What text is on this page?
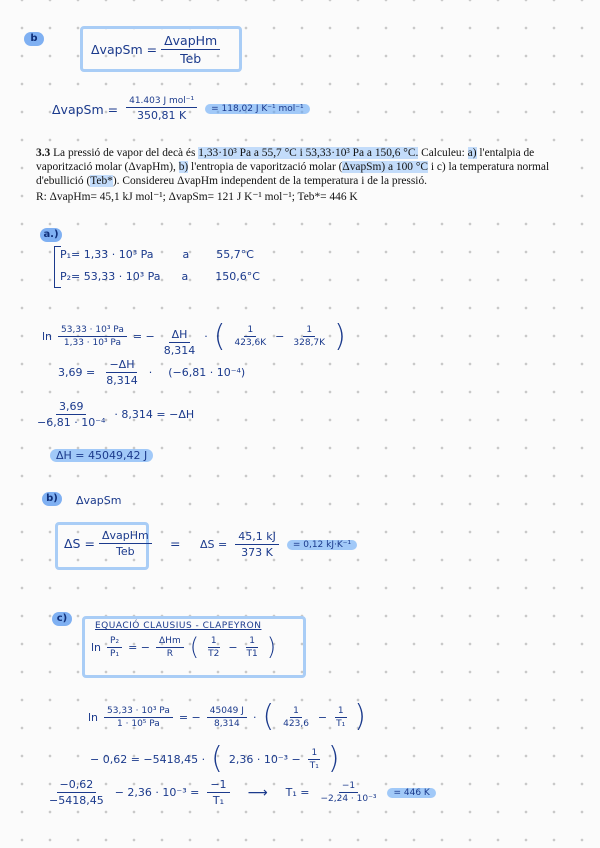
b
ΔvapSm = $\frac{\text{ΔvapHm}}{\text{Teb}}$
ΔvapSm = $\frac{\text{41.403 J mol⁻¹}}{350,81 K}$	= 118,02 J K⁻¹ mol⁻¹
3.3 La pressió de vapor del decà és 1,33·10³ Pa a 55,7 °C i 53,33·10³ Pa a 150,6 °C. Calculeu: a) l'entalpia de vaporització molar (ΔvapHm), b) l'entropia de vaporització molar (ΔvapSm) a 100 °C i c) la temperatura normal d'ebullició (Teb*). Considereu ΔvapHm independent de la temperatura i de la pressió.
R: ΔvapHm= 45,1 kJ mol⁻¹; ΔvapSm= 121 J K⁻¹ mol⁻¹; Teb*= 446 K
a.)
P₁= 1,33 · 10³ Pa	a 55,7°C
P₂= 53,33 · 10³ Pa a 150,6°C
$\ln \frac{\text{53,33 · 10³ Pa}}{\text{1,33 · 10³ Pa}}$ = − $\frac{\Delta H}{8,314}$ · ( $\frac{1}{423,6K} - \frac{1}{328,7K}$ )
$3,69 = \frac{-\Delta H}{8,314} \cdot (-6,81 \cdot 10^{-4})$
$\frac{3,69}{\text{−6,81 · 10⁻⁴}} \cdot 8,314 = -\Delta H$
ΔH = 45049,42 J
b)	ΔvapSm
$\Delta S = \frac{\text{ΔvapHm}}{\text{Teb}} = \Delta S = \frac{45,1 kJ}{373 K}$	= 0,12 kJ·K⁻¹
c)
EQUACIÓ CLAUSIUS - CLAPEYRON
$\ln \frac{\text{P₂}}{\text{P₁}}$ = − $\frac{\text{ΔHm}}{R}$ ( $\frac{1}{T2} - \frac{1}{T1}$ )
$\ln \frac{\text{53,33 · 10³ Pa}}{\text{1 · 10⁵ Pa}}$ = − $\frac{45049 J}{8,314}$ · ( $\frac{1}{423,6} - \frac{1}{\text{T₁}}$ )
− 0,62 = −5418,45 · ( $2,36 \cdot 10^{-3} - \frac{1}{\text{T₁}}$ )
$\frac{-0,62}{-5418,45} - 2,36 \cdot 10^{-3} = \frac{-1}{\text{T₁}}$ ⟶ $T_1 = \frac{-1}{\text{−2,24 · 10⁻³}}$	= 446 K
